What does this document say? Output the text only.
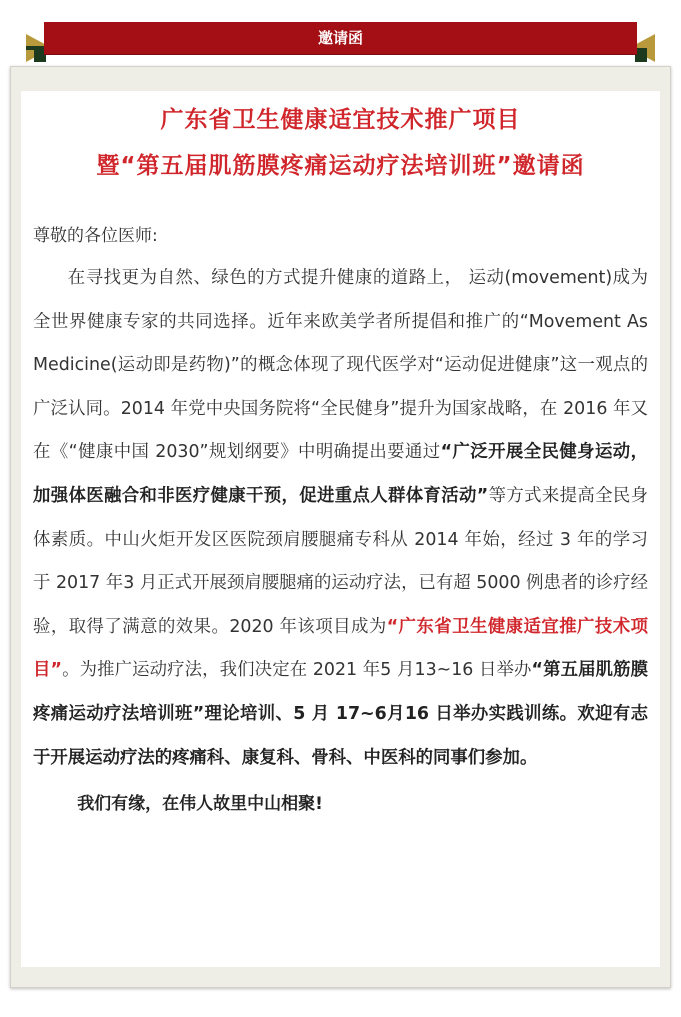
邀请函

广东省卫生健康适宜技术推广项目

暨“第五届肌筋膜疼痛运动疗法培训班”邀请函

尊敬的各位医师:

在寻找更为自然、绿色的方式提升健康的道路上， 运动(movement)成为全世界健康专家的共同选择。近年来欧美学者所提倡和推广的“Movement As Medicine(运动即是药物)”的概念体现了现代医学对“运动促进健康”这一观点的广泛认同。2014 年党中央国务院将“全民健身”提升为国家战略，在 2016 年又在《“健康中国 2030”规划纲要》中明确提出要通过“广泛开展全民健身运动，加强体医融合和非医疗健康干预，促进重点人群体育活动”等方式来提高全民身体素质。中山火炬开发区医院颈肩腰腿痛专科从 2014 年始，经过 3 年的学习于 2017 年3 月正式开展颈肩腰腿痛的运动疗法，已有超 5000 例患者的诊疗经验，取得了满意的效果。2020 年该项目成为“广东省卫生健康适宜推广技术项目”。为推广运动疗法，我们决定在 2021 年5 月13~16 日举办“第五届肌筋膜疼痛运动疗法培训班”理论培训、5 月 17~6月16 日举办实践训练。欢迎有志于开展运动疗法的疼痛科、康复科、骨科、中医科的同事们参加。

我们有缘，在伟人故里中山相聚!
